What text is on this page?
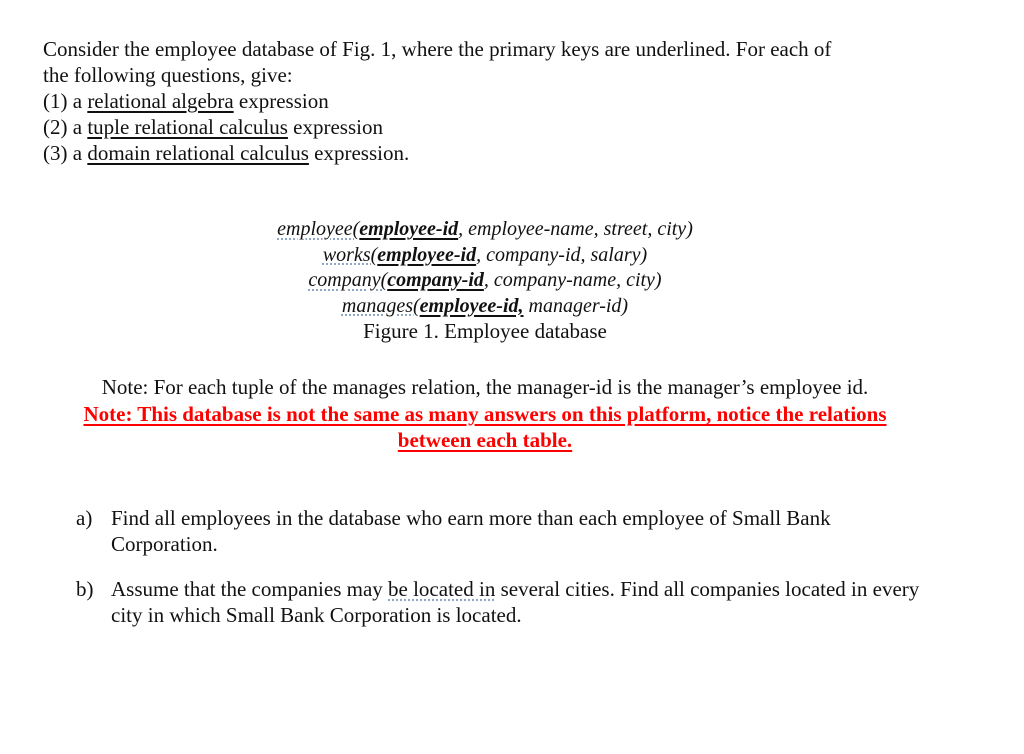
Consider the employee database of Fig. 1, where the primary keys are underlined. For each of

the following questions, give:

(1) a relational algebra expression

(2) a tuple relational calculus expression

(3) a domain relational calculus expression.

employee(employee-id, employee-name, street, city)

works(employee-id, company-id, salary)

company(company-id, company-name, city)

manages(employee-id, manager-id)

Figure 1. Employee database

Note: For each tuple of the manages relation, the manager-id is the manager’s employee id.

Note: This database is not the same as many answers on this platform, notice the relations
between each table.

a) Find all employees in the database who earn more than each employee of Small Bank Corporation.
b) Assume that the companies may be located in several cities. Find all companies located in every city in which Small Bank Corporation is located.
